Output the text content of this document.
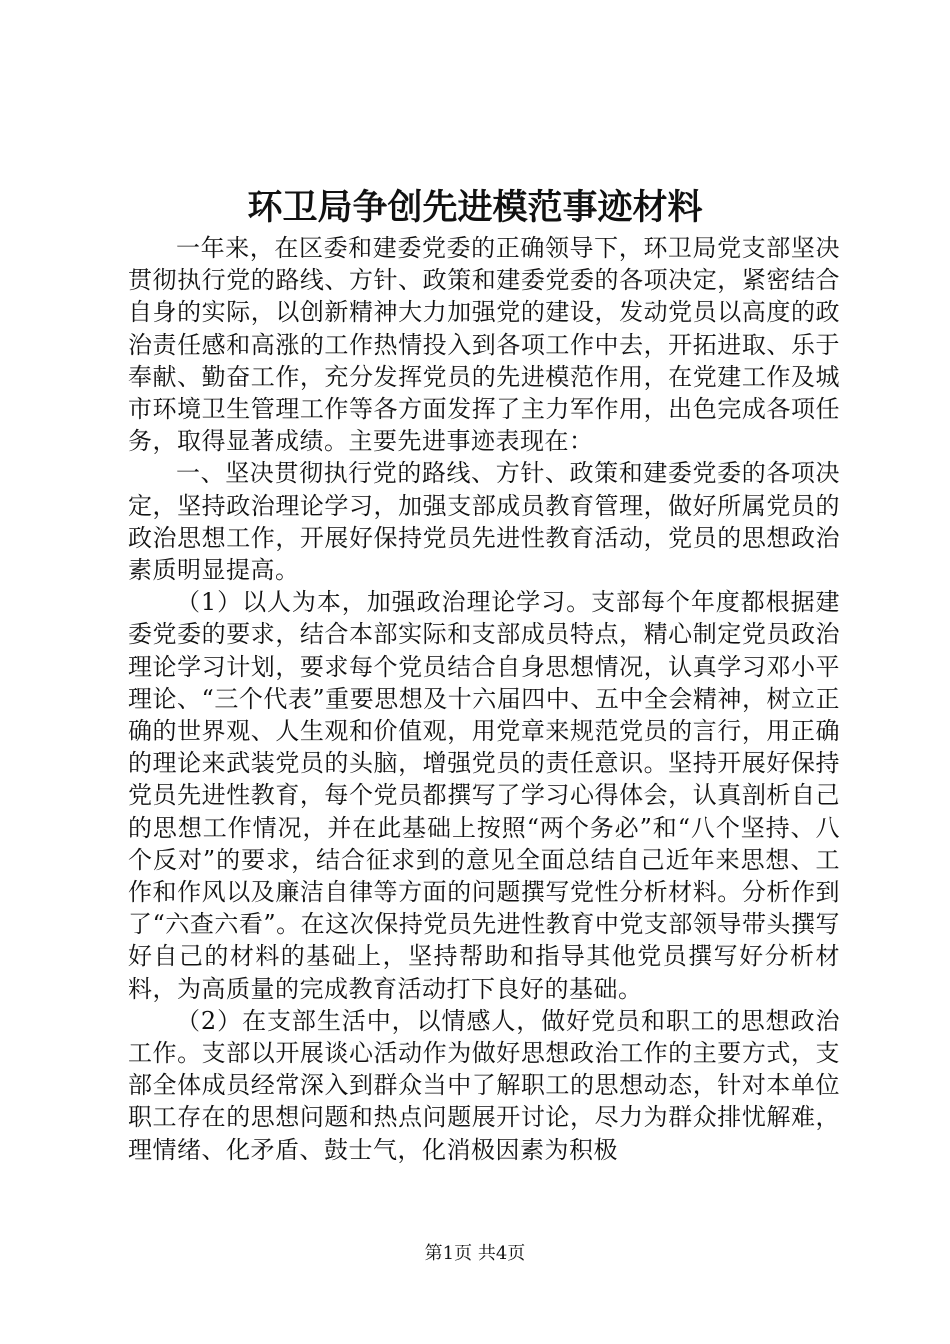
环卫局争创先进模范事迹材料

一年来，在区委和建委党委的正确领导下，环卫局党支部坚决贯彻执行党的路线、方针、政策和建委党委的各项决定，紧密结合自身的实际，以创新精神大力加强党的建设，发动党员以高度的政治责任感和高涨的工作热情投入到各项工作中去，开拓进取、乐于奉献、勤奋工作，充分发挥党员的先进模范作用，在党建工作及城市环境卫生管理工作等各方面发挥了主力军作用，出色完成各项任务，取得显著成绩。主要先进事迹表现在：

一、坚决贯彻执行党的路线、方针、政策和建委党委的各项决定，坚持政治理论学习，加强支部成员教育管理，做好所属党员的政治思想工作，开展好保持党员先进性教育活动，党员的思想政治素质明显提高。

（1）以人为本，加强政治理论学习。支部每个年度都根据建委党委的要求，结合本部实际和支部成员特点，精心制定党员政治理论学习计划，要求每个党员结合自身思想情况，认真学习邓小平理论、“三个代表”重要思想及十六届四中、五中全会精神，树立正确的世界观、人生观和价值观，用党章来规范党员的言行，用正确的理论来武装党员的头脑，增强党员的责任意识。坚持开展好保持党员先进性教育，每个党员都撰写了学习心得体会，认真剖析自己的思想工作情况，并在此基础上按照“两个务必”和“八个坚持、八个反对”的要求，结合征求到的意见全面总结自己近年来思想、工作和作风以及廉洁自律等方面的问题撰写党性分析材料。分析作到了“六查六看”。在这次保持党员先进性教育中党支部领导带头撰写好自己的材料的基础上，坚持帮助和指导其他党员撰写好分析材料，为高质量的完成教育活动打下良好的基础。

（2）在支部生活中，以情感人，做好党员和职工的思想政治工作。支部以开展谈心活动作为做好思想政治工作的主要方式，支部全体成员经常深入到群众当中了解职工的思想动态，针对本单位职工存在的思想问题和热点问题展开讨论，尽力为群众排忧解难，理情绪、化矛盾、鼓士气，化消极因素为积极

第1页 共4页
